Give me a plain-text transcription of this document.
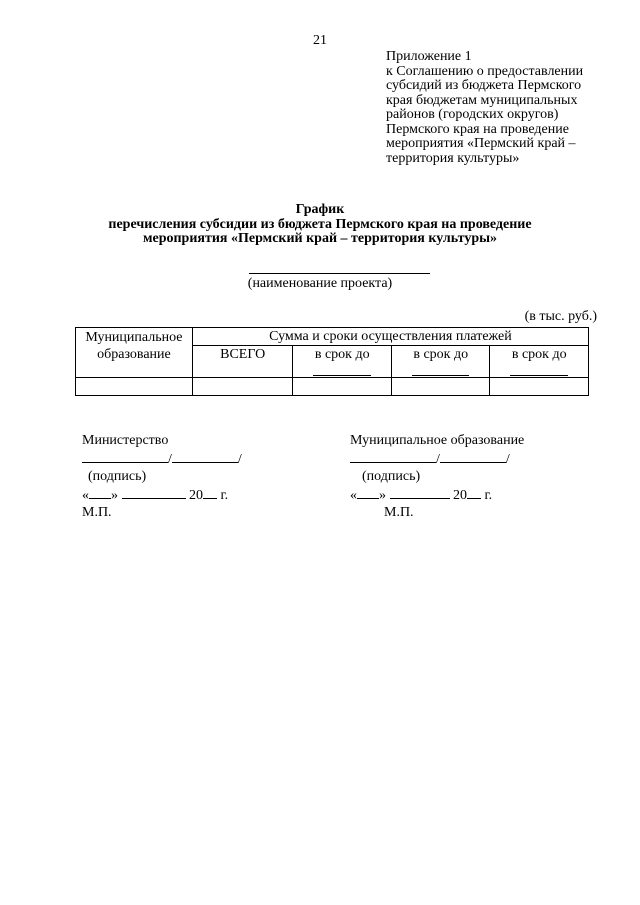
21
Приложение 1
к Соглашению о предоставлении
субсидий из бюджета Пермского
края бюджетам муниципальных
районов (городских округов)
Пермского края на проведение
мероприятия «Пермский край –
территория культуры»
График
перечисления субсидии из бюджета Пермского края на проведение
мероприятия «Пермский край – территория культуры»
(наименование проекта)
(в тыс. руб.)
Муниципальное
образование	Сумма и сроки осуществления платежей			
	ВСЕГО	в срок до	в срок до	в срок до

Министерство
/	/
(подпись)
« »	20 г.
М.П.
Муниципальное образование
/	/
(подпись)
« »	20 г.
М.П.
